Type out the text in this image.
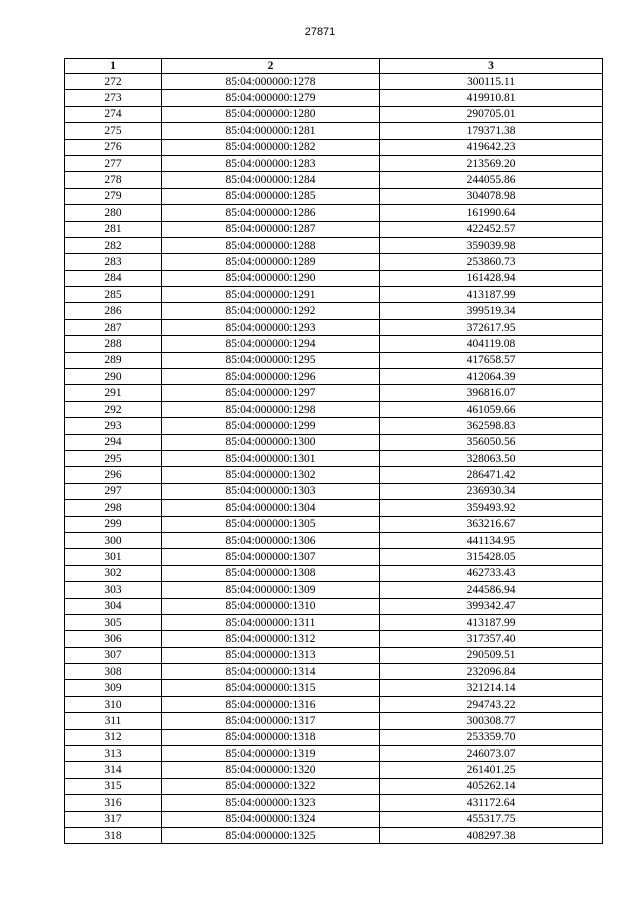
27871
1	2	3
272	85:04:000000:1278	300115.11
273	85:04:000000:1279	419910.81
274	85:04:000000:1280	290705.01
275	85:04:000000:1281	179371.38
276	85:04:000000:1282	419642.23
277	85:04:000000:1283	213569.20
278	85:04:000000:1284	244055.86
279	85:04:000000:1285	304078.98
280	85:04:000000:1286	161990.64
281	85:04:000000:1287	422452.57
282	85:04:000000:1288	359039.98
283	85:04:000000:1289	253860.73
284	85:04:000000:1290	161428.94
285	85:04:000000:1291	413187.99
286	85:04:000000:1292	399519.34
287	85:04:000000:1293	372617.95
288	85:04:000000:1294	404119.08
289	85:04:000000:1295	417658.57
290	85:04:000000:1296	412064.39
291	85:04:000000:1297	396816.07
292	85:04:000000:1298	461059.66
293	85:04:000000:1299	362598.83
294	85:04:000000:1300	356050.56
295	85:04:000000:1301	328063.50
296	85:04:000000:1302	286471.42
297	85:04:000000:1303	236930.34
298	85:04:000000:1304	359493.92
299	85:04:000000:1305	363216.67
300	85:04:000000:1306	441134.95
301	85:04:000000:1307	315428.05
302	85:04:000000:1308	462733.43
303	85:04:000000:1309	244586.94
304	85:04:000000:1310	399342.47
305	85:04:000000:1311	413187.99
306	85:04:000000:1312	317357.40
307	85:04:000000:1313	290509.51
308	85:04:000000:1314	232096.84
309	85:04:000000:1315	321214.14
310	85:04:000000:1316	294743.22
311	85:04:000000:1317	300308.77
312	85:04:000000:1318	253359.70
313	85:04:000000:1319	246073.07
314	85:04:000000:1320	261401.25
315	85:04:000000:1322	405262.14
316	85:04:000000:1323	431172.64
317	85:04:000000:1324	455317.75
318	85:04:000000:1325	408297.38
